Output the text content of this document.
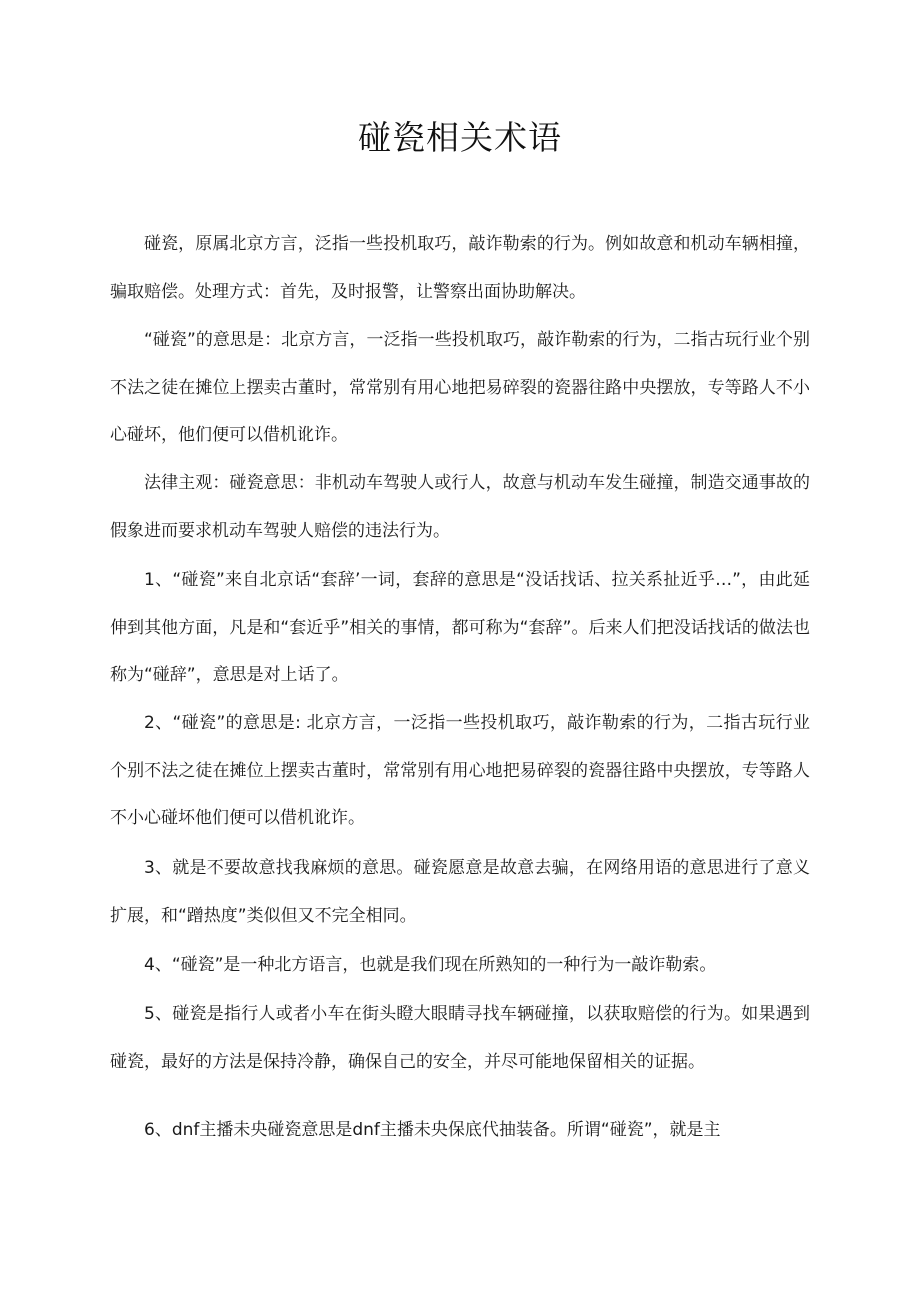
碰瓷相关术语

碰瓷，原属北京方言，泛指一些投机取巧，敲诈勒索的行为。例如故意和机动车辆相撞，骗取赔偿。处理方式：首先，及时报警，让警察出面协助解决。

“碰瓷”的意思是：北京方言，一泛指一些投机取巧，敲诈勒索的行为，二指古玩行业个别不法之徒在摊位上摆卖古董时，常常别有用心地把易碎裂的瓷器往路中央摆放，专等路人不小心碰坏，他们便可以借机讹诈。

法律主观：碰瓷意思：非机动车驾驶人或行人，故意与机动车发生碰撞，制造交通事故的假象进而要求机动车驾驶人赔偿的违法行为。

1、“碰瓷”来自北京话“套辞’一词，套辞的意思是“没话找话、拉关系扯近乎…”，由此延伸到其他方面，凡是和“套近乎”相关的事情，都可称为“套辞”。后来人们把没话找话的做法也称为“碰辞”，意思是对上话了。

2、“碰瓷”的意思是: 北京方言，一泛指一些投机取巧，敲诈勒索的行为，二指古玩行业个别不法之徒在摊位上摆卖古董时，常常别有用心地把易碎裂的瓷器往路中央摆放，专等路人不小心碰坏他们便可以借机讹诈。

3、就是不要故意找我麻烦的意思。碰瓷愿意是故意去骗，在网络用语的意思进行了意义扩展，和“蹭热度”类似但又不完全相同。

4、“碰瓷”是一种北方语言，也就是我们现在所熟知的一种行为一敲诈勒索。

5、碰瓷是指行人或者小车在街头瞪大眼睛寻找车辆碰撞，以获取赔偿的行为。如果遇到碰瓷，最好的方法是保持冷静，确保自己的安全，并尽可能地保留相关的证据。

6、dnf主播未央碰瓷意思是dnf主播未央保底代抽装备。所谓“碰瓷”，就是主
